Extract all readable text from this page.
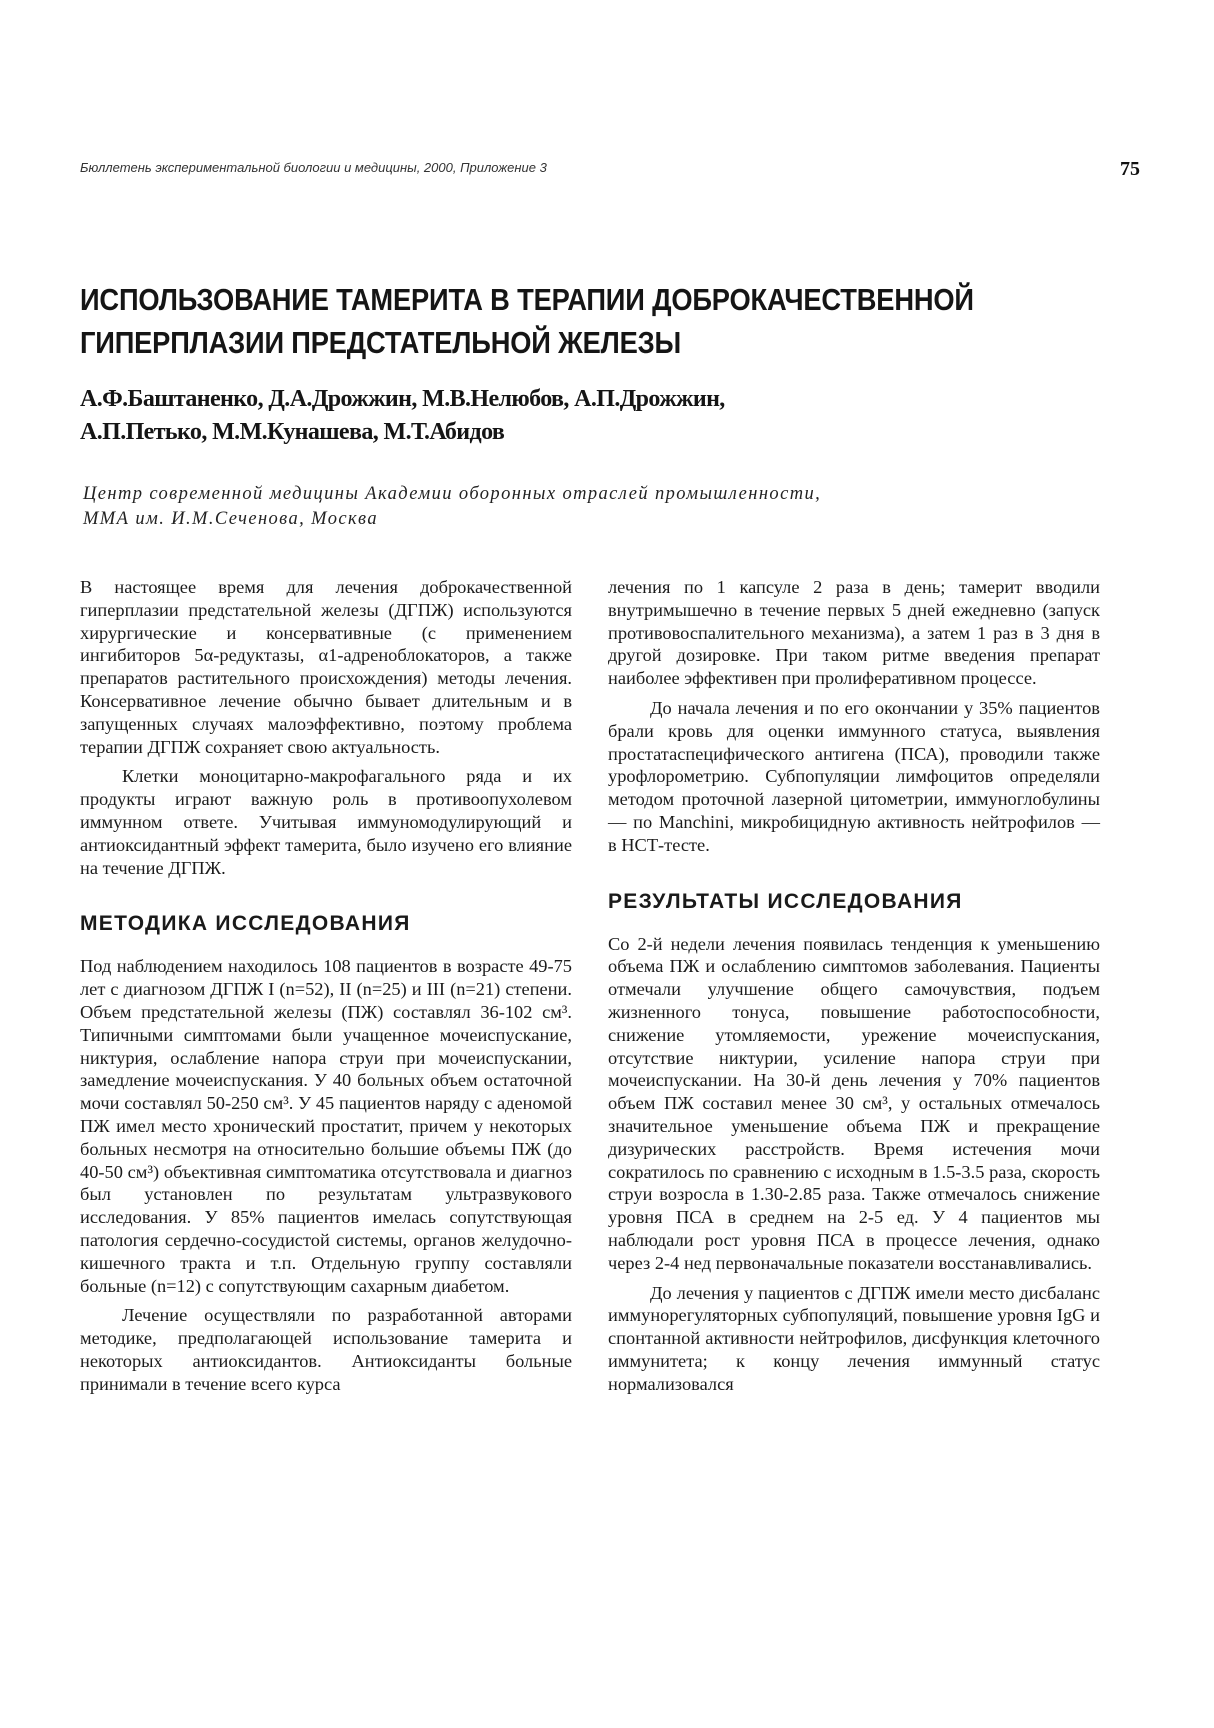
Бюллетень экспериментальной биологии и медицины, 2000, Приложение 3	75
ИСПОЛЬЗОВАНИЕ ТАМЕРИТА В ТЕРАПИИ ДОБРОКАЧЕСТВЕННОЙ
ГИПЕРПЛАЗИИ ПРЕДСТАТЕЛЬНОЙ ЖЕЛЕЗЫ
А.Ф.Баштаненко, Д.А.Дрожжин, М.В.Нелюбов, А.П.Дрожжин,
А.П.Петько, М.М.Кунашева, М.Т.Абидов
Центр современной медицины Академии оборонных отраслей промышленности,
ММА им. И.М.Сеченова, Москва

В настоящее время для лечения доброкачественной гиперплазии предстательной железы (ДГПЖ) используются хирургические и консервативные (с применением ингибиторов 5α-редуктазы, α1-адреноблокаторов, а также препаратов растительного происхождения) методы лечения. Консервативное лечение обычно бывает длительным и в запущенных случаях малоэффективно, поэтому проблема терапии ДГПЖ сохраняет свою актуальность.

Клетки моноцитарно-макрофагального ряда и их продукты играют важную роль в противоопухолевом иммунном ответе. Учитывая иммуномодулирующий и антиоксидантный эффект тамерита, было изучено его влияние на течение ДГПЖ.

МЕТОДИКА ИССЛЕДОВАНИЯ

Под наблюдением находилось 108 пациентов в возрасте 49-75 лет с диагнозом ДГПЖ I (n=52), II (n=25) и III (n=21) степени. Объем предстательной железы (ПЖ) составлял 36-102 см³. Типичными симптомами были учащенное мочеиспускание, никтурия, ослабление напора струи при мочеиспускании, замедление мочеиспускания. У 40 больных объем остаточной мочи составлял 50-250 см³. У 45 пациентов наряду с аденомой ПЖ имел место хронический простатит, причем у некоторых больных несмотря на относительно большие объемы ПЖ (до 40-50 см³) объективная симптоматика отсутствовала и диагноз был установлен по результатам ультразвукового исследования. У 85% пациентов имелась сопутствующая патология сердечно-сосудистой системы, органов желудочно-кишечного тракта и т.п. Отдельную группу составляли больные (n=12) с сопутствующим сахарным диабетом.

Лечение осуществляли по разработанной авторами методике, предполагающей использование тамерита и некоторых антиоксидантов. Антиоксиданты больные принимали в течение всего курса

лечения по 1 капсуле 2 раза в день; тамерит вводили внутримышечно в течение первых 5 дней ежедневно (запуск противовоспалительного механизма), а затем 1 раз в 3 дня в другой дозировке. При таком ритме введения препарат наиболее эффективен при пролиферативном процессе.

До начала лечения и по его окончании у 35% пациентов брали кровь для оценки иммунного статуса, выявления простатаспецифического антигена (ПСА), проводили также урофлорометрию. Субпопуляции лимфоцитов определяли методом проточной лазерной цитометрии, иммуноглобулины — по Manchini, микробицидную активность нейтрофилов — в НСТ-тесте.

РЕЗУЛЬТАТЫ ИССЛЕДОВАНИЯ

Со 2-й недели лечения появилась тенденция к уменьшению объема ПЖ и ослаблению симптомов заболевания. Пациенты отмечали улучшение общего самочувствия, подъем жизненного тонуса, повышение работоспособности, снижение утомляемости, урежение мочеиспускания, отсутствие никтурии, усиление напора струи при мочеиспускании. На 30-й день лечения у 70% пациентов объем ПЖ составил менее 30 см³, у остальных отмечалось значительное уменьшение объема ПЖ и прекращение дизурических расстройств. Время истечения мочи сократилось по сравнению с исходным в 1.5-3.5 раза, скорость струи возросла в 1.30-2.85 раза. Также отмечалось снижение уровня ПСА в среднем на 2-5 ед. У 4 пациентов мы наблюдали рост уровня ПСА в процессе лечения, однако через 2-4 нед первоначальные показатели восстанавливались.

До лечения у пациентов с ДГПЖ имели место дисбаланс иммунорегуляторных субпопуляций, повышение уровня IgG и спонтанной активности нейтрофилов, дисфункция клеточного иммунитета; к концу лечения иммунный статус нормализовался
